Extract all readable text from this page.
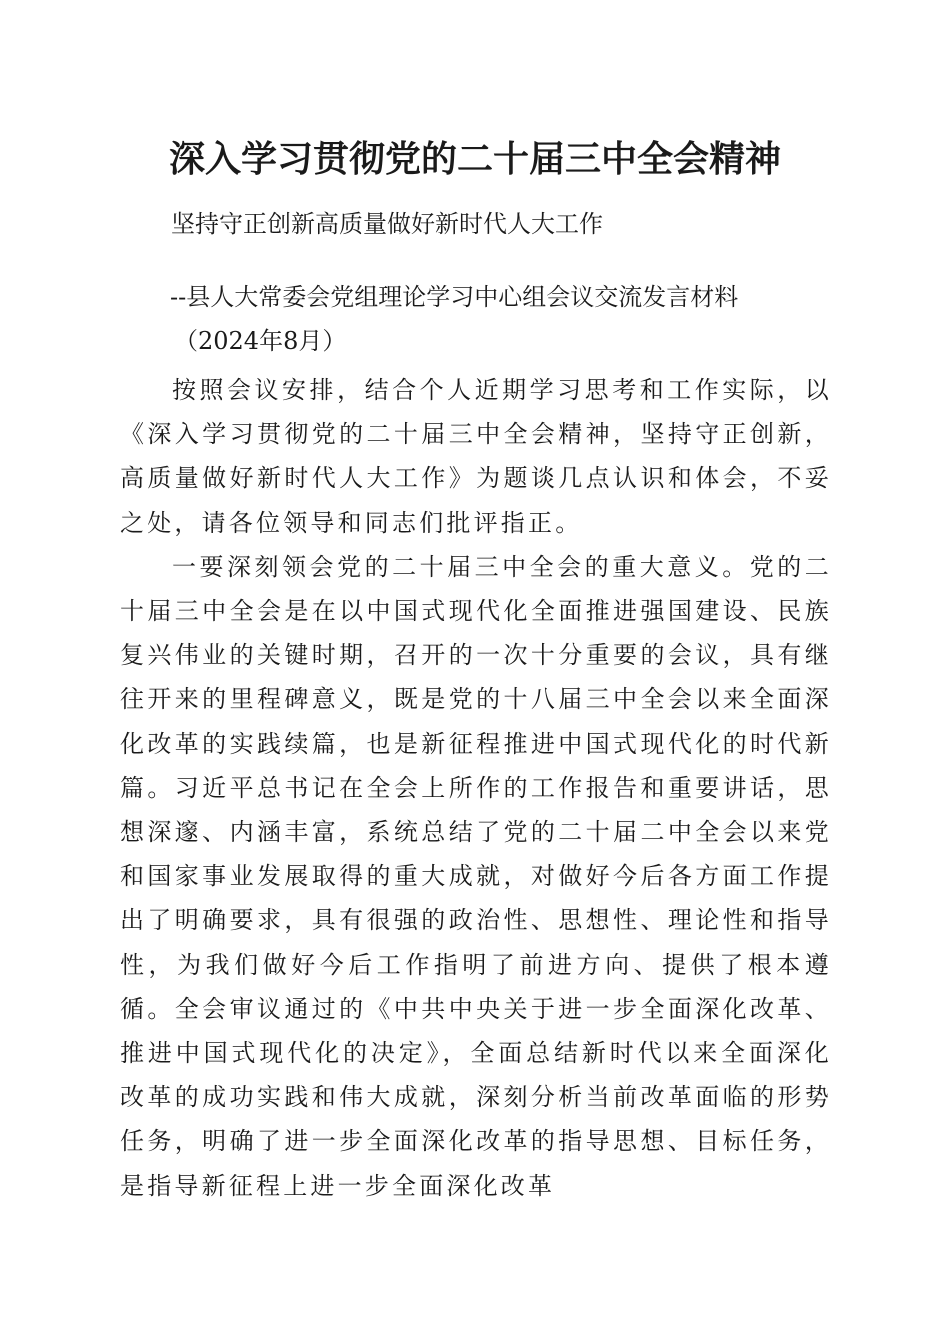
深入学习贯彻党的二十届三中全会精神

坚持守正创新高质量做好新时代人大工作

--县人大常委会党组理论学习中心组会议交流发言材料

（2024年8月）

按照会议安排，结合个人近期学习思考和工作实际，以《深入学习贯彻党的二十届三中全会精神，坚持守正创新，高质量做好新时代人大工作》为题谈几点认识和体会，不妥之处，请各位领导和同志们批评指正。

一要深刻领会党的二十届三中全会的重大意义。党的二十届三中全会是在以中国式现代化全面推进强国建设、民族复兴伟业的关键时期，召开的一次十分重要的会议，具有继往开来的里程碑意义，既是党的十八届三中全会以来全面深化改革的实践续篇，也是新征程推进中国式现代化的时代新篇。习近平总书记在全会上所作的工作报告和重要讲话，思想深邃、内涵丰富，系统总结了党的二十届二中全会以来党和国家事业发展取得的重大成就，对做好今后各方面工作提出了明确要求，具有很强的政治性、思想性、理论性和指导性，为我们做好今后工作指明了前进方向、提供了根本遵循。全会审议通过的《中共中央关于进一步全面深化改革、推进中国式现代化的决定》，全面总结新时代以来全面深化改革的成功实践和伟大成就，深刻分析当前改革面临的形势任务，明确了进一步全面深化改革的指导思想、目标任务，是指导新征程上进一步全面深化改革
